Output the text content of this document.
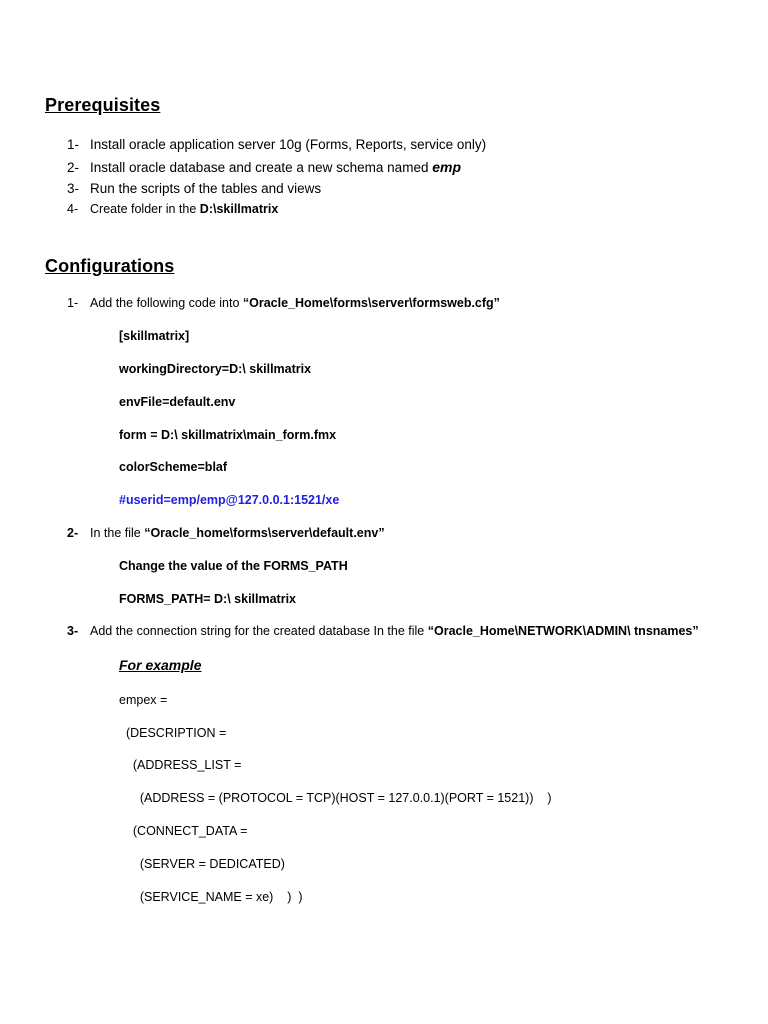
Prerequisites
1- Install oracle application server 10g (Forms, Reports, service only)
2- Install oracle database and create a new schema named emp
3- Run the scripts of the tables and views
4- Create folder in the D:\skillmatrix
Configurations
1- Add the following code into “Oracle_Home\forms\server\formsweb.cfg”
[skillmatrix]
workingDirectory=D:\ skillmatrix
envFile=default.env
form = D:\ skillmatrix\main_form.fmx
colorScheme=blaf
#userid=emp/emp@127.0.0.1:1521/xe
2- In the file “Oracle_home\forms\server\default.env”
Change the value of the FORMS_PATH
FORMS_PATH= D:\ skillmatrix
3- Add the connection string for the created database In the file “Oracle_Home\NETWORK\ADMIN\ tnsnames”
For example
empex =
(DESCRIPTION =
(ADDRESS_LIST =
(ADDRESS = (PROTOCOL = TCP)(HOST = 127.0.0.1)(PORT = 1521))    )
(CONNECT_DATA =
(SERVER = DEDICATED)
(SERVICE_NAME = xe)    )  )
